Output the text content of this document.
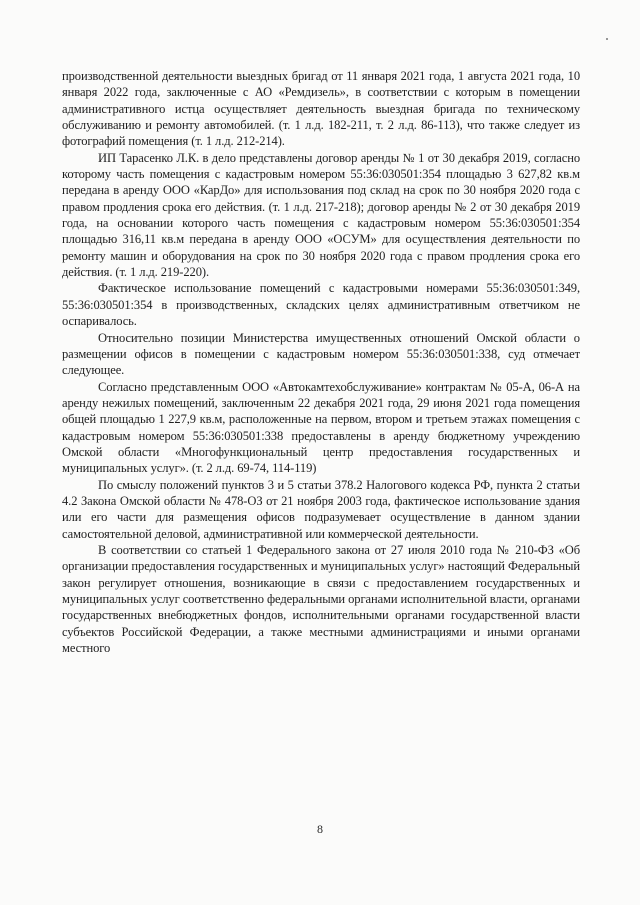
производственной деятельности выездных бригад от 11 января 2021 года, 1 августа 2021 года, 10 января 2022 года, заключенные с АО «Ремдизель», в соответствии с которым в помещении административного истца осуществляет деятельность выездная бригада по техническому обслуживанию и ремонту автомобилей. (т. 1 л.д. 182-211, т. 2 л.д. 86-113), что также следует из фотографий помещения (т. 1 л.д. 212-214).

ИП Тарасенко Л.К. в дело представлены договор аренды № 1 от 30 декабря 2019, согласно которому часть помещения с кадастровым номером 55:36:030501:354 площадью 3 627,82 кв.м передана в аренду ООО «КарДо» для использования под склад на срок по 30 ноября 2020 года с правом продления срока его действия. (т. 1 л.д. 217-218); договор аренды № 2 от 30 декабря 2019 года, на основании которого часть помещения с кадастровым номером 55:36:030501:354 площадью 316,11 кв.м передана в аренду ООО «ОСУМ» для осуществления деятельности по ремонту машин и оборудования на срок по 30 ноября 2020 года с правом продления срока его действия. (т. 1 л.д. 219-220).

Фактическое использование помещений с кадастровыми номерами 55:36:030501:349, 55:36:030501:354 в производственных, складских целях административным ответчиком не оспаривалось.

Относительно позиции Министерства имущественных отношений Омской области о размещении офисов в помещении с кадастровым номером 55:36:030501:338, суд отмечает следующее.

Согласно представленным ООО «Автокамтехобслуживание» контрактам № 05-А, 06-А на аренду нежилых помещений, заключенным 22 декабря 2021 года, 29 июня 2021 года помещения общей площадью 1 227,9 кв.м, расположенные на первом, втором и третьем этажах помещения с кадастровым номером 55:36:030501:338 предоставлены в аренду бюджетному учреждению Омской области «Многофункциональный центр предоставления государственных и муниципальных услуг». (т. 2 л.д. 69-74, 114-119)

По смыслу положений пунктов 3 и 5 статьи 378.2 Налогового кодекса РФ, пункта 2 статьи 4.2 Закона Омской области № 478-ОЗ от 21 ноября 2003 года, фактическое использование здания или его части для размещения офисов подразумевает осуществление в данном здании самостоятельной деловой, административной или коммерческой деятельности.

В соответствии со статьей 1 Федерального закона от 27 июля 2010 года № 210-ФЗ «Об организации предоставления государственных и муниципальных услуг» настоящий Федеральный закон регулирует отношения, возникающие в связи с предоставлением государственных и муниципальных услуг соответственно федеральными органами исполнительной власти, органами государственных внебюджетных фондов, исполнительными органами государственной власти субъектов Российской Федерации, а также местными администрациями и иными органами местного

8
